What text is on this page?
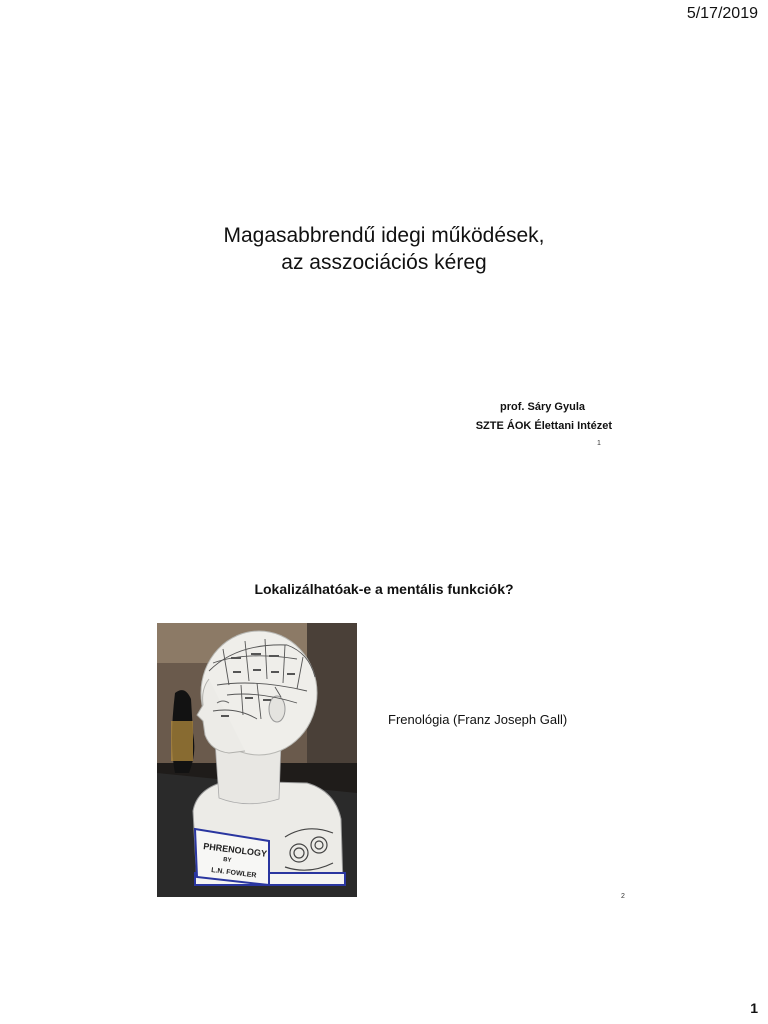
5/17/2019
Magasabbrendű idegi működések,
az asszociációs kéreg
prof. Sáry Gyula
SZTE ÁOK Élettani Intézet
1
Lokalizálhatóak-e a mentális funkciók?
PHRENOLOGY
BY
L.N. FOWLER
Frenológia (Franz Joseph Gall)
2
1
